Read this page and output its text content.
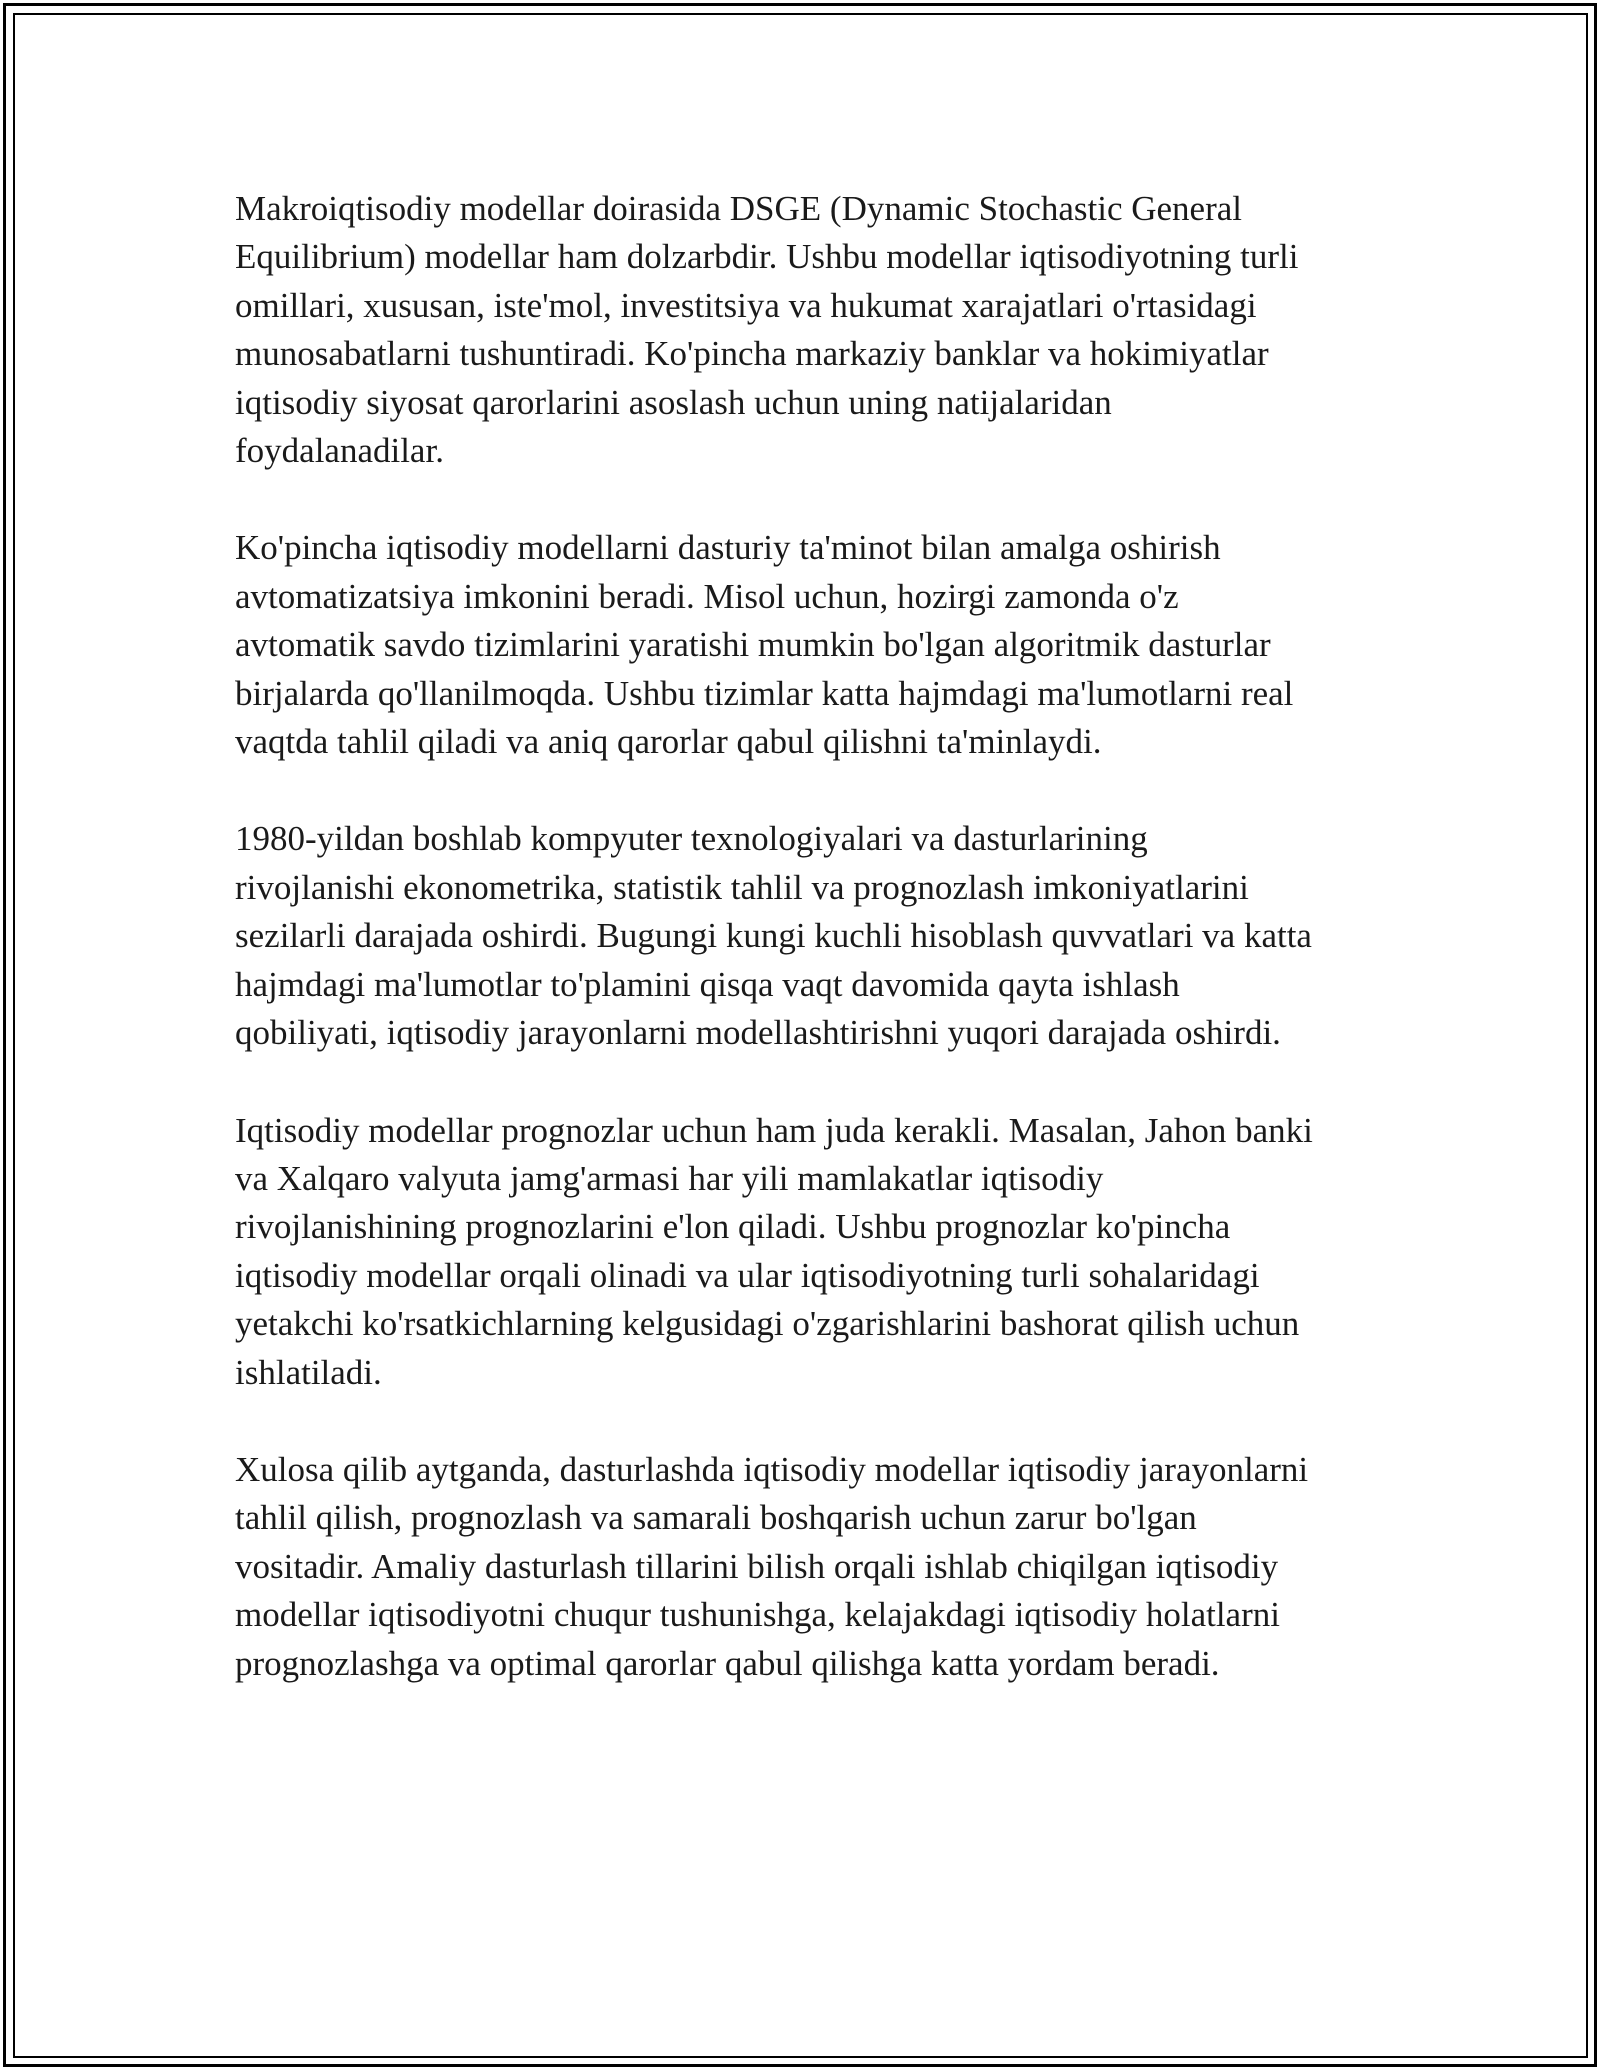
Makroiqtisodiy modellar doirasida DSGE (Dynamic Stochastic General
Equilibrium) modellar ham dolzarbdir. Ushbu modellar iqtisodiyotning turli
omillari, xususan, iste'mol, investitsiya va hukumat xarajatlari o'rtasidagi
munosabatlarni tushuntiradi. Ko'pincha markaziy banklar va hokimiyatlar
iqtisodiy siyosat qarorlarini asoslash uchun uning natijalaridan
foydalanadilar.

Ko'pincha iqtisodiy modellarni dasturiy ta'minot bilan amalga oshirish
avtomatizatsiya imkonini beradi. Misol uchun, hozirgi zamonda o'z
avtomatik savdo tizimlarini yaratishi mumkin bo'lgan algoritmik dasturlar
birjalarda qo'llanilmoqda. Ushbu tizimlar katta hajmdagi ma'lumotlarni real
vaqtda tahlil qiladi va aniq qarorlar qabul qilishni ta'minlaydi.

1980-yildan boshlab kompyuter texnologiyalari va dasturlarining
rivojlanishi ekonometrika, statistik tahlil va prognozlash imkoniyatlarini
sezilarli darajada oshirdi. Bugungi kungi kuchli hisoblash quvvatlari va katta
hajmdagi ma'lumotlar to'plamini qisqa vaqt davomida qayta ishlash
qobiliyati, iqtisodiy jarayonlarni modellashtirishni yuqori darajada oshirdi.

Iqtisodiy modellar prognozlar uchun ham juda kerakli. Masalan, Jahon banki
va Xalqaro valyuta jamg'armasi har yili mamlakatlar iqtisodiy
rivojlanishining prognozlarini e'lon qiladi. Ushbu prognozlar ko'pincha
iqtisodiy modellar orqali olinadi va ular iqtisodiyotning turli sohalaridagi
yetakchi ko'rsatkichlarning kelgusidagi o'zgarishlarini bashorat qilish uchun
ishlatiladi.

Xulosa qilib aytganda, dasturlashda iqtisodiy modellar iqtisodiy jarayonlarni
tahlil qilish, prognozlash va samarali boshqarish uchun zarur bo'lgan
vositadir. Amaliy dasturlash tillarini bilish orqali ishlab chiqilgan iqtisodiy
modellar iqtisodiyotni chuqur tushunishga, kelajakdagi iqtisodiy holatlarni
prognozlashga va optimal qarorlar qabul qilishga katta yordam beradi.
